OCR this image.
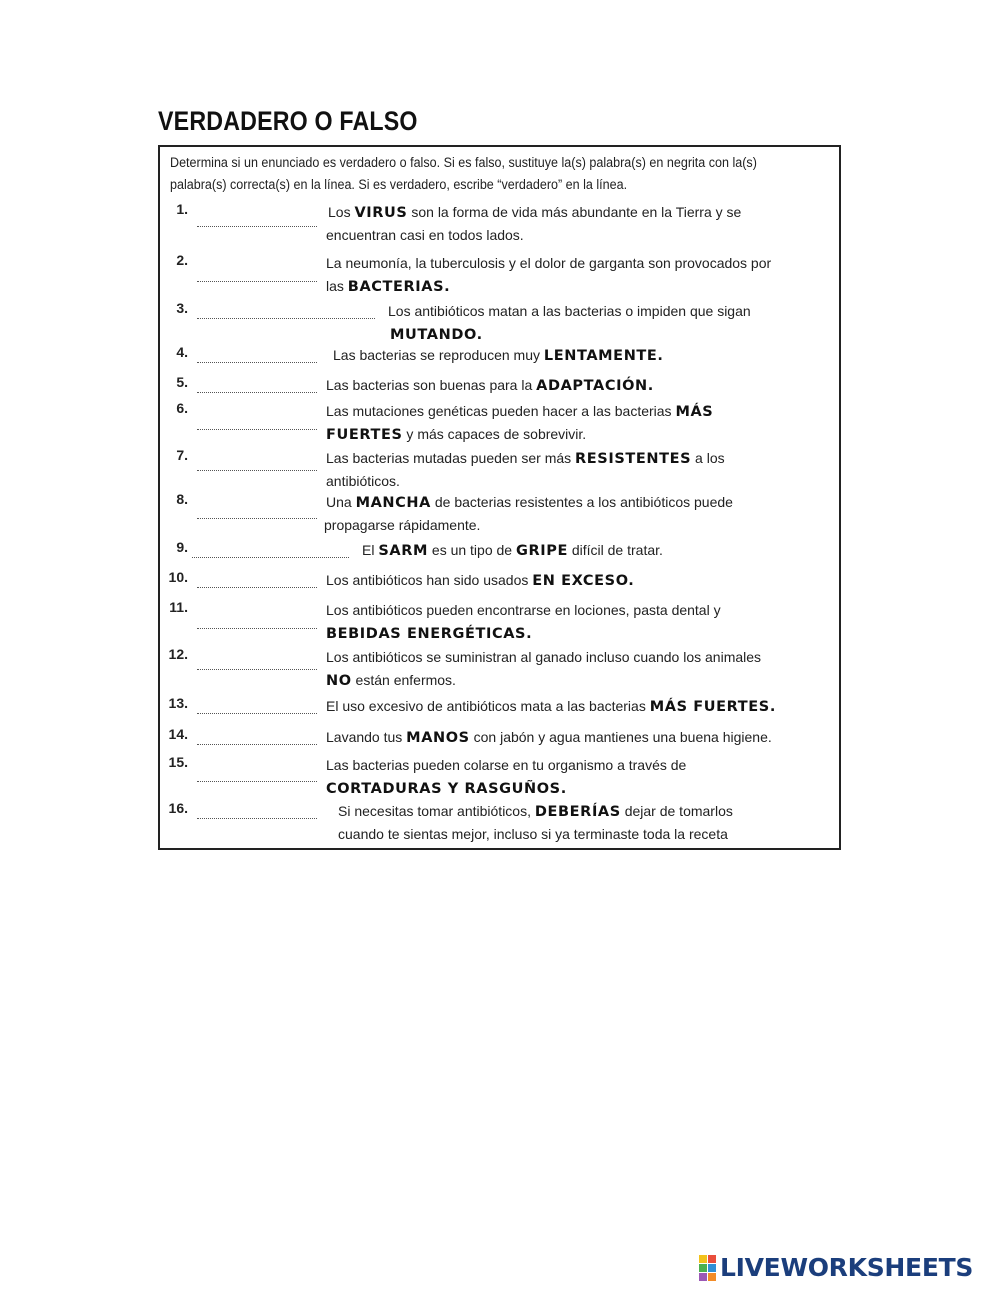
VERDADERO O FALSO
Determina si un enunciado es verdadero o falso. Si es falso, sustituye la(s) palabra(s) en negrita con la(s) palabra(s) correcta(s) en la línea. Si es verdadero, escribe “verdadero” en la línea.
1.	Los VIRUS son la forma de vida más abundante en la Tierra y se
encuentran casi en todos lados.
2.	La neumonía, la tuberculosis y el dolor de garganta son provocados por
las BACTERIAS.
3.	Los antibióticos matan a las bacterias o impiden que sigan
MUTANDO.
4.	Las bacterias se reproducen muy LENTAMENTE.
5.	Las bacterias son buenas para la ADAPTACIÓN.
6.	Las mutaciones genéticas pueden hacer a las bacterias MÁS
FUERTES y más capaces de sobrevivir.
7.	Las bacterias mutadas pueden ser más RESISTENTES a los
antibióticos.
8.	Una MANCHA de bacterias resistentes a los antibióticos puede
propagarse rápidamente.
9.	El SARM es un tipo de GRIPE difícil de tratar.
10.	Los antibióticos han sido usados EN EXCESO.
11.	Los antibióticos pueden encontrarse en lociones, pasta dental y
BEBIDAS ENERGÉTICAS.
12.	Los antibióticos se suministran al ganado incluso cuando los animales
NO están enfermos.
13.	El uso excesivo de antibióticos mata a las bacterias MÁS FUERTES.
14.	Lavando tus MANOS con jabón y agua mantienes una buena higiene.
15.	Las bacterias pueden colarse en tu organismo a través de
CORTADURAS Y RASGUÑOS.
16.	Si necesitas tomar antibióticos, DEBERÍAS dejar de tomarlos
cuando te sientas mejor, incluso si ya terminaste toda la receta
LIVEWORKSHEETS
